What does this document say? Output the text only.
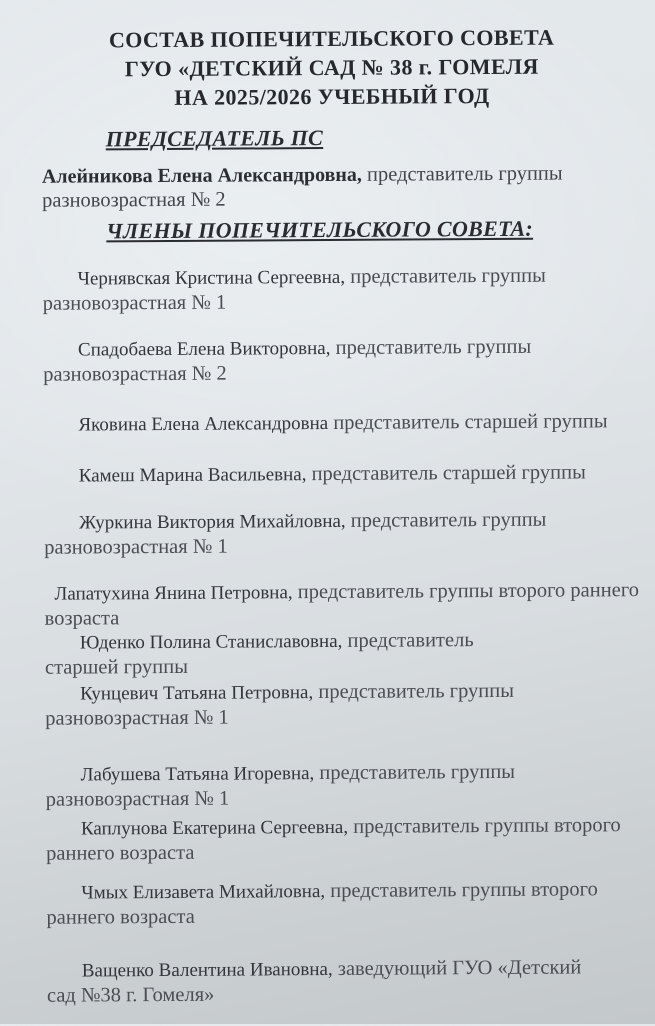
СОСТАВ ПОПЕЧИТЕЛЬСКОГО СОВЕТА
ГУО «ДЕТСКИЙ САД № 38 г. ГОМЕЛЯ
НА 2025/2026 УЧЕБНЫЙ ГОД
ПРЕДСЕДАТЕЛЬ ПС

Алейникова Елена Александровна, представитель группы разновозрастная № 2

ЧЛЕНЫ ПОПЕЧИТЕЛЬСКОГО СОВЕТА:

Чернявская Кристина Сергеевна, представитель группы разновозрастная № 1

Спадобаева Елена Викторовна, представитель группы разновозрастная № 2

Яковина Елена Александровна представитель старшей группы

Камеш Марина Васильевна, представитель старшей группы

Журкина Виктория Михайловна, представитель группы разновозрастная № 1

Лапатухина Янина Петровна, представитель группы второго раннего возраста

Юденко Полина Станиславовна, представитель старшей группы

Кунцевич Татьяна Петровна, представитель группы разновозрастная № 1

Лабушева Татьяна Игоревна, представитель группы разновозрастная № 1

Каплунова Екатерина Сергеевна, представитель группы второго раннего возраста

Чмых Елизавета Михайловна, представитель группы второго раннего возраста

Ващенко Валентина Ивановна, заведующий ГУО «Детский сад №38 г. Гомеля»
